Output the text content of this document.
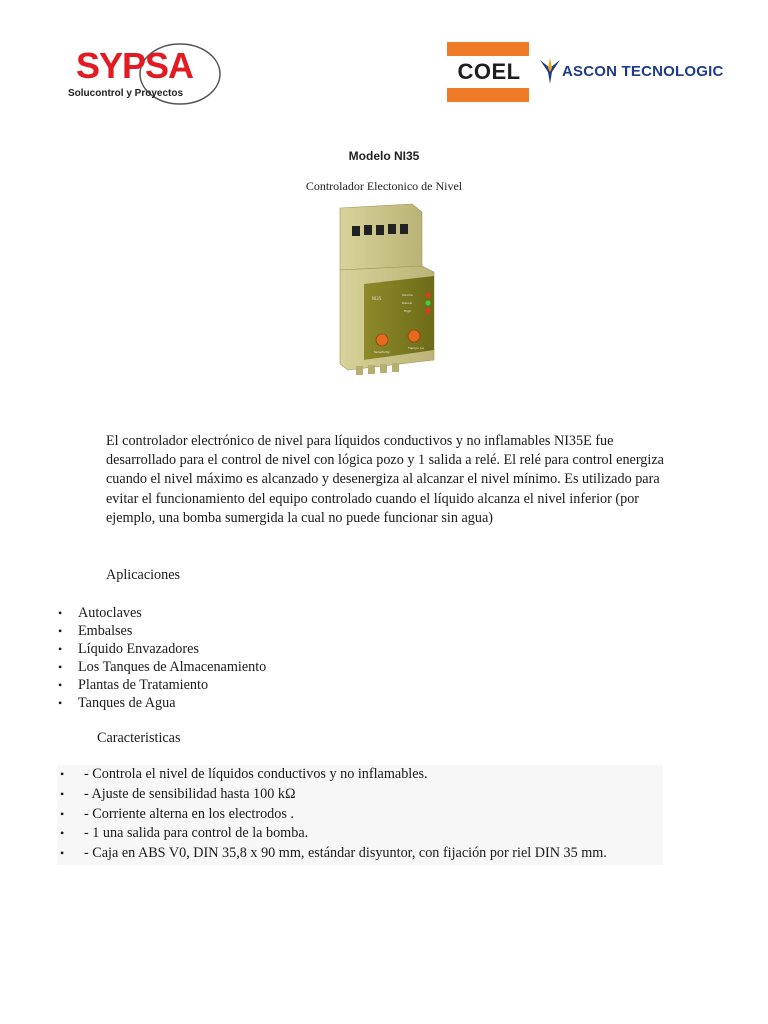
SYPSA
Solucontrol y Proyectos
COEL	ASCON TECNOLOGIC
Modelo NI35
Controlador Electonico de Nivel
NI35
Alarma
Descal
High
Sensitivity
Tiempo (s)
El controlador electrónico de nivel para líquidos conductivos y no inflamables NI35E fue desarrollado para el control de nivel con lógica pozo y 1 salida a relé. El relé para control energiza cuando el nivel máximo es alcanzado y desenergiza al alcanzar el nivel mínimo. Es utilizado para evitar el funcionamiento del equipo controlado cuando el líquido alcanza el nivel inferior (por ejemplo, una bomba sumergida la cual no puede funcionar sin agua)
Aplicaciones
• Autoclaves
• Embalses
• Líquido Envazadores
• Los Tanques de Almacenamiento
• Plantas de Tratamiento
• Tanques de Agua
Caracteristicas
• - Controla el nivel de líquidos conductivos y no inflamables.
• - Ajuste de sensibilidad hasta 100 kΩ
• - Corriente alterna en los electrodos .
• - 1 una salida para control de la bomba.
• - Caja en ABS V0, DIN 35,8 x 90 mm, estándar disyuntor, con fijación por riel DIN 35 mm.
